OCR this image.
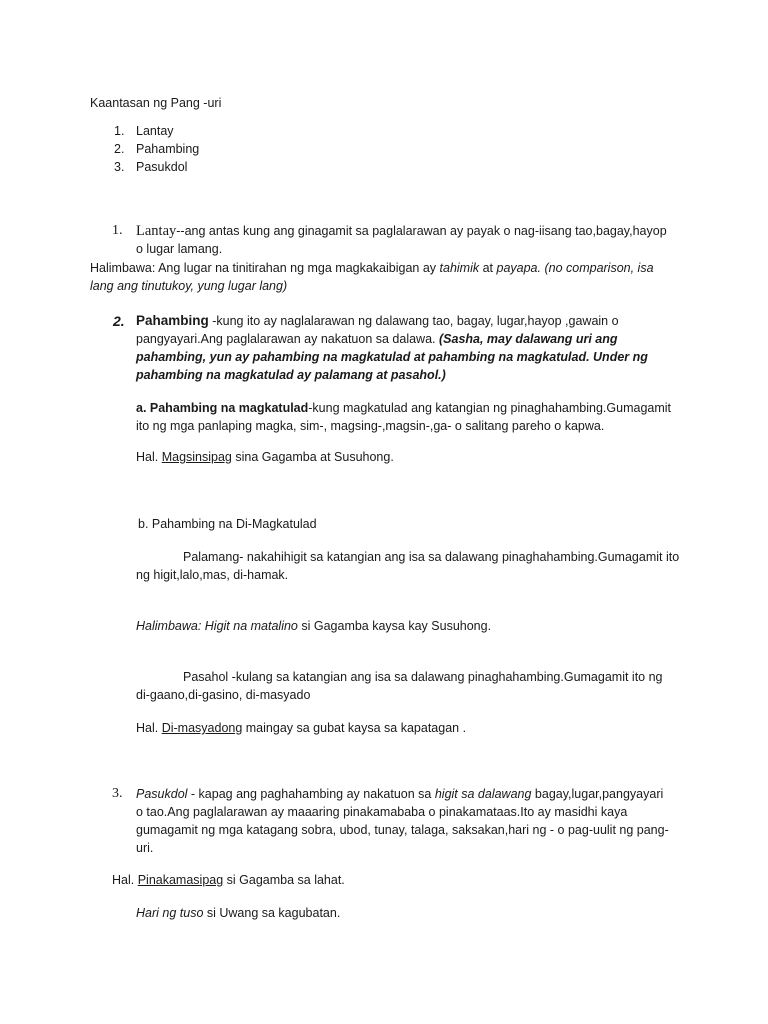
Kaantasan ng Pang -uri
1. Lantay
2. Pahambing
3. Pasukdol
1. Lantay--ang antas kung ang ginagamit sa paglalarawan ay payak o nag-iisang tao,bagay,hayop
o lugar lamang.
Halimbawa: Ang lugar na tinitirahan ng mga magkakaibigan ay tahimik at payapa. (no comparison, isa
lang ang tinutukoy, yung lugar lang)
2. Pahambing -kung ito ay naglalarawan ng dalawang tao, bagay, lugar,hayop ,gawain o
pangyayari.Ang paglalarawan ay nakatuon sa dalawa. (Sasha, may dalawang uri ang
pahambing, yun ay pahambing na magkatulad at pahambing na magkatulad. Under ng
pahambing na magkatulad ay palamang at pasahol.)
a. Pahambing na magkatulad-kung magkatulad ang katangian ng pinaghahambing.Gumagamit
ito ng mga panlaping magka, sim-, magsing-,magsin-,ga- o salitang pareho o kapwa.
Hal. Magsinsipag sina Gagamba at Susuhong.
b. Pahambing na Di-Magkatulad
Palamang- nakahihigit sa katangian ang isa sa dalawang pinaghahambing.Gumagamit ito
ng higit,lalo,mas, di-hamak.
Halimbawa: Higit na matalino si Gagamba kaysa kay Susuhong.
Pasahol -kulang sa katangian ang isa sa dalawang pinaghahambing.Gumagamit ito ng
di-gaano,di-gasino, di-masyado
Hal. Di-masyadong maingay sa gubat kaysa sa kapatagan .
3. Pasukdol - kapag ang paghahambing ay nakatuon sa higit sa dalawang bagay,lugar,pangyayari
o tao.Ang paglalarawan ay maaaring pinakamababa o pinakamataas.Ito ay masidhi kaya
gumagamit ng mga katagang sobra, ubod, tunay, talaga, saksakan,hari ng - o pag-uulit ng pang-
uri.
Hal. Pinakamasipag si Gagamba sa lahat.
Hari ng tuso si Uwang sa kagubatan.
